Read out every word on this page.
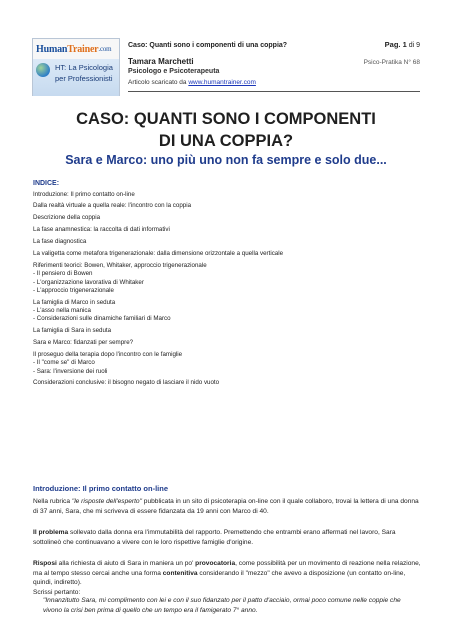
Human Trainer .com
HT: La Psicologia
per Professionisti
Caso: Quanti sono i componenti di una coppia?
Tamara Marchetti
Psicologo e Psicoterapeuta
Articolo scaricato da www.humantrainer.com
Pag. 1 di 9
Psico-Pratika N° 68
CASO: QUANTI SONO I COMPONENTI
DI UNA COPPIA?
Sara e Marco: uno più uno non fa sempre e solo due...
INDICE:
Introduzione: Il primo contatto on-line
Dalla realtà virtuale a quella reale: l'incontro con la coppia
Descrizione della coppia
La fase anamnestica: la raccolta di dati informativi
La fase diagnostica
La valigetta come metafora trigenerazionale: dalla dimensione orizzontale a quella verticale
Riferimenti teorici: Bowen, Whitaker, approccio trigenerazionale
- Il pensiero di Bowen
- L'organizzazione lavorativa di Whitaker
- L'approccio trigenerazionale
La famiglia di Marco in seduta
- L'asso nella manica
- Considerazioni sulle dinamiche familiari di Marco
La famiglia di Sara in seduta
Sara e Marco: fidanzati per sempre?
Il proseguo della terapia dopo l'incontro con le famiglie
- Il "come se" di Marco
- Sara: l'inversione dei ruoli
Considerazioni conclusive: il bisogno negato di lasciare il nido vuoto
Introduzione: Il primo contatto on-line
Nella rubrica "le risposte dell'esperto" pubblicata in un sito di psicoterapia on-line con il quale collaboro, trovai la lettera di una donna di 37 anni, Sara, che mi scriveva di essere fidanzata da 19 anni con Marco di 40.
Il problema sollevato dalla donna era l'immutabilità del rapporto. Premettendo che entrambi erano affermati nel lavoro, Sara sottolineò che continuavano a vivere con le loro rispettive famiglie d'origine.
Risposi alla richiesta di aiuto di Sara in maniera un po' provocatoria, come possibilità per un movimento di reazione nella relazione, ma al tempo stesso cercai anche una forma contenitiva considerando il "mezzo" che avevo a disposizione (un contatto on-line, quindi, indiretto).
Scrissi pertanto:
"Innanzitutto Sara, mi complimento con lei e con il suo fidanzato per il patto d'acciaio, ormai poco comune nelle coppie che vivono la crisi ben prima di quello che un tempo era il famigerato 7° anno.
